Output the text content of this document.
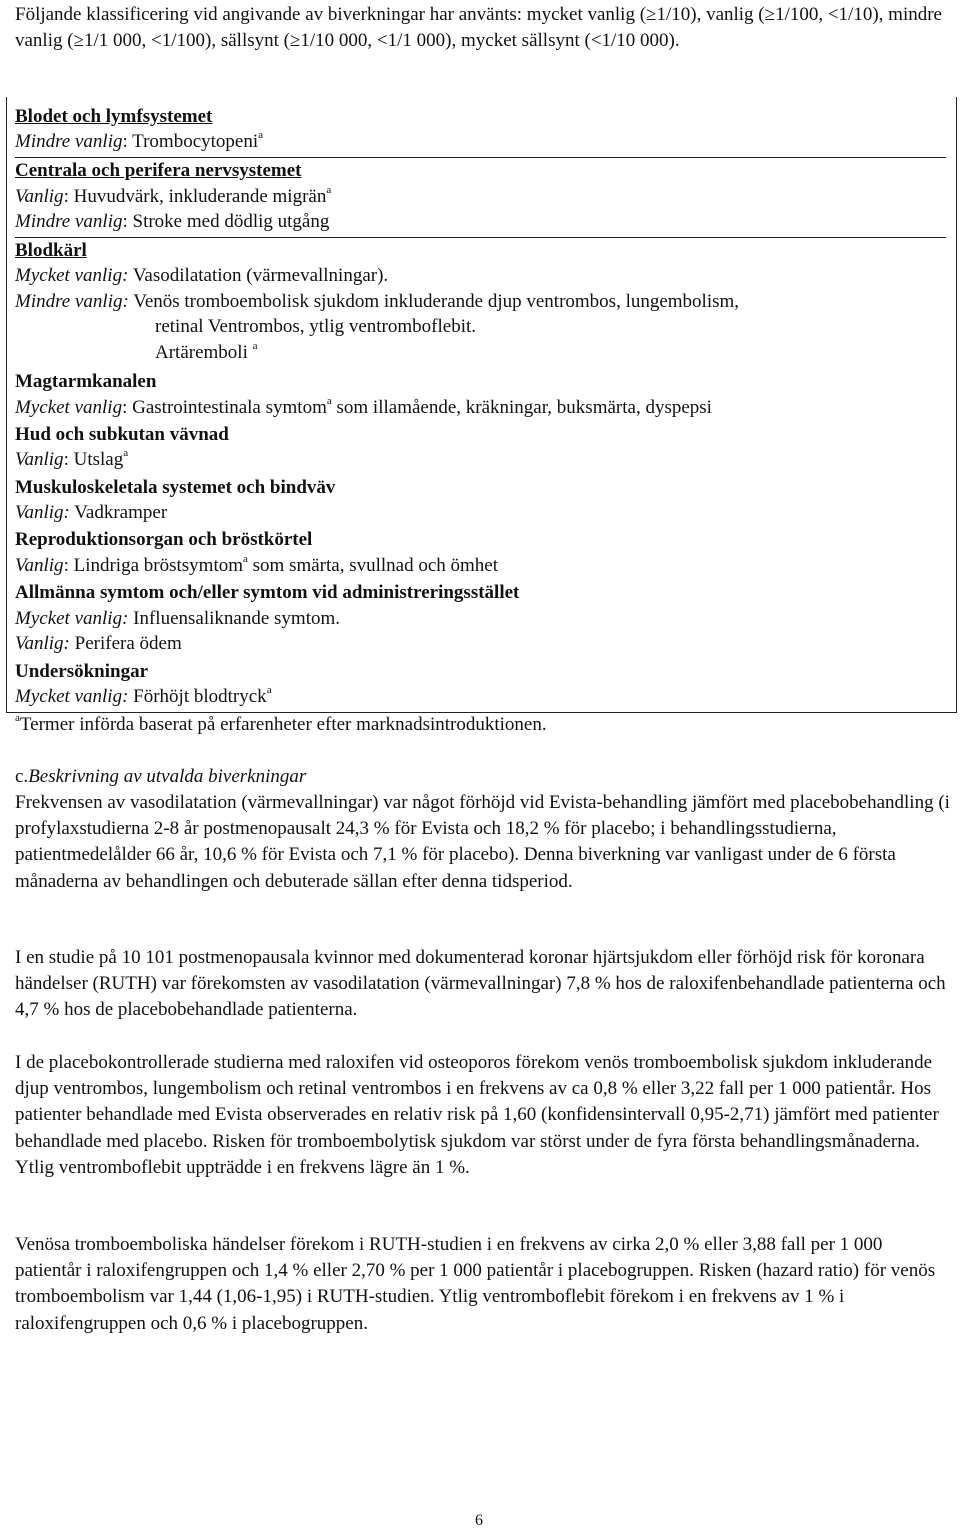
Följande klassificering vid angivande av biverkningar har använts: mycket vanlig (≥1/10), vanlig (≥1/100, <1/10), mindre vanlig (≥1/1 000, <1/100), sällsynt (≥1/10 000, <1/1 000), mycket sällsynt (<1/10 000).
Blodet och lymfsystemet
Mindre vanlig: Trombocytopeni$^a$
Centrala och perifera nervsystemet
Vanlig: Huvudvärk, inkluderande migrän$^a$
Mindre vanlig: Stroke med dödlig utgång
Blodkärl
Mycket vanlig: Vasodilatation (värmevallningar).
Mindre vanlig: Venös tromboembolisk sjukdom inkluderande djup ventrombos, lungembolism,
retinal Ventrombos, ytlig ventromboflebit.
Artäremboli $^a$
Magtarmkanalen
Mycket vanlig: Gastrointestinala symtom$^a$ som illamående, kräkningar, buksmärta, dyspepsi
Hud och subkutan vävnad
Vanlig: Utslag$^a$
Muskuloskeletala systemet och bindväv
Vanlig: Vadkramper
Reproduktionsorgan och bröstkörtel
Vanlig: Lindriga bröstsymtom$^a$ som smärta, svullnad och ömhet
Allmänna symtom och/eller symtom vid administreringsstället
Mycket vanlig: Influensaliknande symtom.
Vanlig: Perifera ödem
Undersökningar
Mycket vanlig: Förhöjt blodtryck$^a$
$^a$Termer införda baserat på erfarenheter efter marknadsintroduktionen.
c.Beskrivning av utvalda biverkningar
Frekvensen av vasodilatation (värmevallningar) var något förhöjd vid Evista-behandling jämfört med placebobehandling (i profylaxstudierna 2-8 år postmenopausalt 24,3 % för Evista och 18,2 % för placebo; i behandlingsstudierna, patientmedelålder 66 år, 10,6 % för Evista och 7,1 % för placebo). Denna biverkning var vanligast under de 6 första månaderna av behandlingen och debuterade sällan efter denna tidsperiod.
I en studie på 10 101 postmenopausala kvinnor med dokumenterad koronar hjärtsjukdom eller förhöjd risk för koronara händelser (RUTH) var förekomsten av vasodilatation (värmevallningar) 7,8 % hos de raloxifenbehandlade patienterna och 4,7 % hos de placebobehandlade patienterna.
I de placebokontrollerade studierna med raloxifen vid osteoporos förekom venös tromboembolisk sjukdom inkluderande djup ventrombos, lungembolism och retinal ventrombos i en frekvens av ca 0,8 % eller 3,22 fall per 1 000 patientår. Hos patienter behandlade med Evista observerades en relativ risk på 1,60 (konfidensintervall 0,95-2,71) jämfört med patienter behandlade med placebo. Risken för tromboembolytisk sjukdom var störst under de fyra första behandlingsmånaderna. Ytlig ventromboflebit uppträdde i en frekvens lägre än 1 %.
Venösa tromboemboliska händelser förekom i RUTH-studien i en frekvens av cirka 2,0 % eller 3,88 fall per 1 000 patientår i raloxifengruppen och 1,4 % eller 2,70 % per 1 000 patientår i placebogruppen. Risken (hazard ratio) för venös tromboembolism var 1,44 (1,06-1,95) i RUTH-studien. Ytlig ventromboflebit förekom i en frekvens av 1 % i raloxifengruppen och 0,6 % i placebogruppen.
6
